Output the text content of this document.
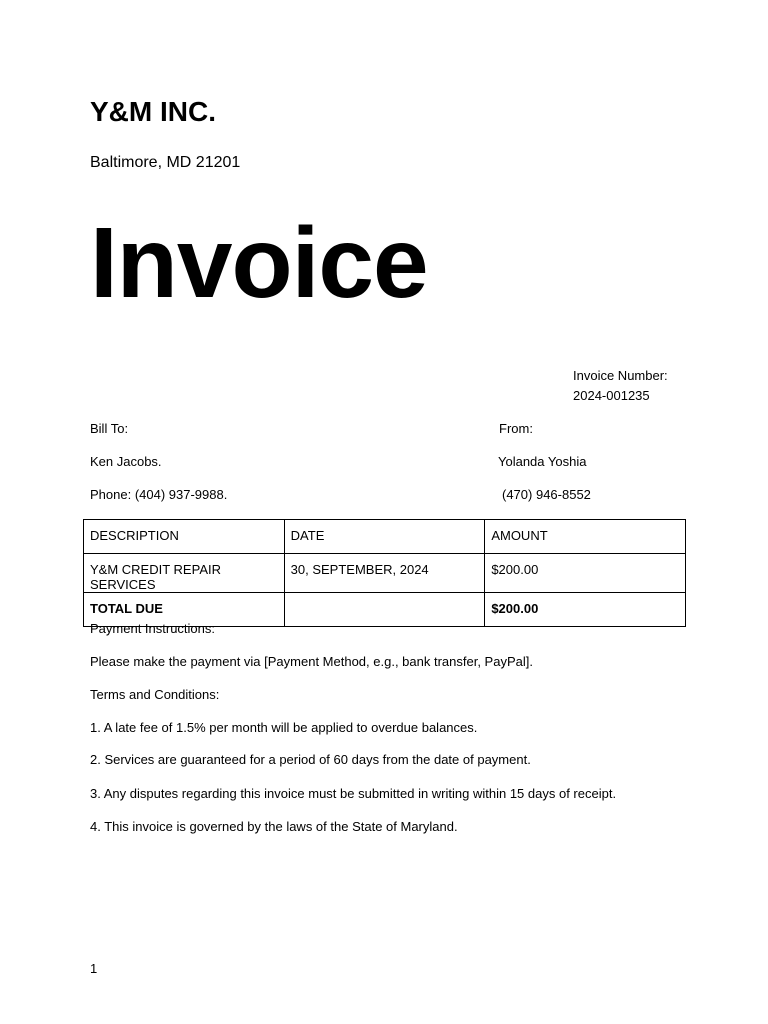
Y&M INC.
Baltimore, MD 21201
Invoice
Invoice Number:
2024-001235
Bill To:
Ken Jacobs.
Phone: (404) 937-9988.
From:
Yolanda Yoshia
(470) 946-8552
DESCRIPTION	DATE	AMOUNT
Y&M CREDIT REPAIR SERVICES	30, SEPTEMBER, 2024	$200.00
TOTAL DUE		$200.00
Payment Instructions:
Please make the payment via [Payment Method, e.g., bank transfer, PayPal].
Terms and Conditions:
1. A late fee of 1.5% per month will be applied to overdue balances.
2. Services are guaranteed for a period of 60 days from the date of payment.
3. Any disputes regarding this invoice must be submitted in writing within 15 days of receipt.
4. This invoice is governed by the laws of the State of Maryland.
1
